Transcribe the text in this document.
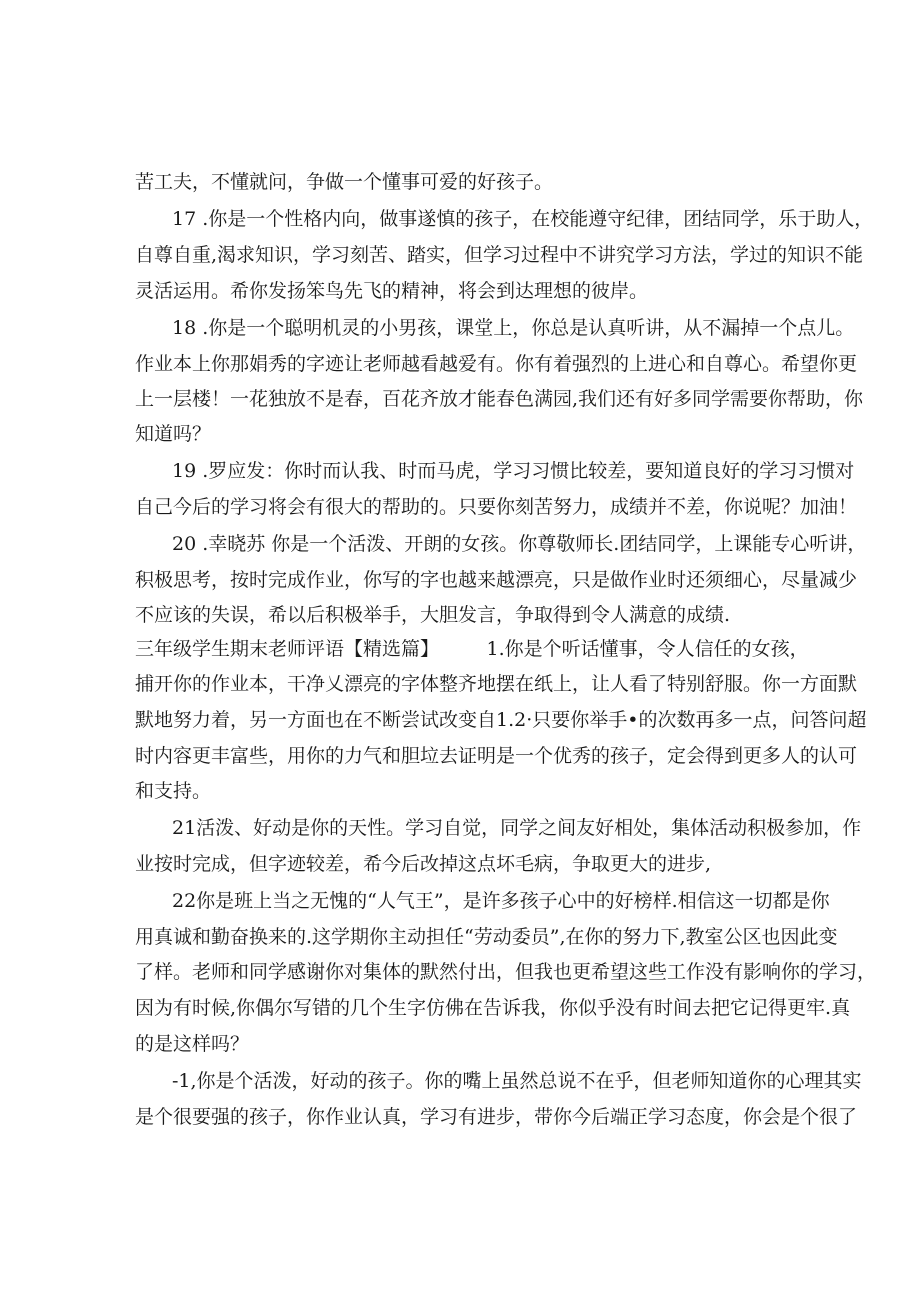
苦工夫，不懂就问，争做一个懂事可爱的好孩子。
17 .你是一个性格内向，做事遂慎的孩子，在校能遵守纪律，团结同学，乐于助人，
自尊自重,渴求知识，学习刻苦、踏实，但学习过程中不讲究学习方法，学过的知识不能
灵活运用。希你发扬笨鸟先飞的精神，将会到达理想的彼岸。
18 .你是一个聪明机灵的小男孩，课堂上，你总是认真听讲，从不漏掉一个点儿。
作业本上你那娟秀的字迹让老师越看越爱有。你有着强烈的上进心和自尊心。希望你更
上一层楼！一花独放不是春，百花齐放才能春色满园,我们还有好多同学需要你帮助，你
知道吗？
19 .罗应发：你时而认我、时而马虎，学习习惯比较差，要知道良好的学习习惯对
自己今后的学习将会有很大的帮助的。只要你刻苦努力，成绩并不差，你说呢？加油！
20 .幸晓苏 你是一个活泼、开朗的女孩。你尊敬师长.团结同学，上课能专心听讲，
积极思考，按时完成作业，你写的字也越来越漂亮，只是做作业时还须细心，尽量减少
不应该的失误，希以后积极举手，大胆发言，争取得到令人满意的成绩.
三年级学生期末老师评语【精选篇】　　　1.你是个听话懂事，令人信任的女孩，
捕开你的作业本，干净乂漂亮的字体整齐地摆在纸上，让人看了特别舒服。你一方面默
默地努力着，另一方面也在不断尝试改变自1.2·只要你举手•的次数再多一点，问答问超
时内容更丰富些，用你的力气和胆垃去证明是一个优秀的孩子，定会得到更多人的认可
和支持。
21活泼、好动是你的天性。学习自觉，同学之间友好相处，集体活动积极参加，作
业按时完成，但字迹较差，希今后改掉这点坏毛病，争取更大的进步,
22你是班上当之无愧的“人气王”，是许多孩子心中的好榜样.相信这一切都是你
用真诚和勤奋换来的.这学期你主动担任“劳动委员”,在你的努力下,教室公区也因此变
了样。老师和同学感谢你对集体的默然付出，但我也更希望这些工作没有影响你的学习，
因为有时候,你偶尔写错的几个生字仿佛在告诉我，你似乎没有时间去把它记得更牢.真
的是这样吗？
-1,你是个活泼，好动的孩子。你的嘴上虽然总说不在乎，但老师知道你的心理其实
是个很要强的孩子，你作业认真，学习有进步，带你今后端正学习态度，你会是个很了
